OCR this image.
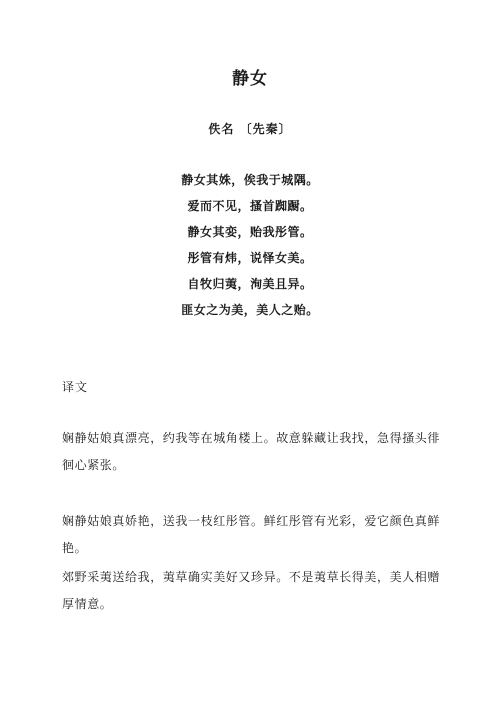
静女
佚名 〔先秦〕
静女其姝，俟我于城隅。
爱而不见，搔首踟蹰。
静女其娈，贻我彤管。
彤管有炜，说怿女美。
自牧归荑，洵美且异。
匪女之为美，美人之贻。
译文
娴静姑娘真漂亮，约我等在城角楼上。故意躲藏让我找，急得搔头徘徊心紧张。
娴静姑娘真娇艳，送我一枝红彤管。鲜红彤管有光彩，爱它颜色真鲜艳。
郊野采荑送给我，荑草确实美好又珍异。不是荑草长得美，美人相赠厚情意。
